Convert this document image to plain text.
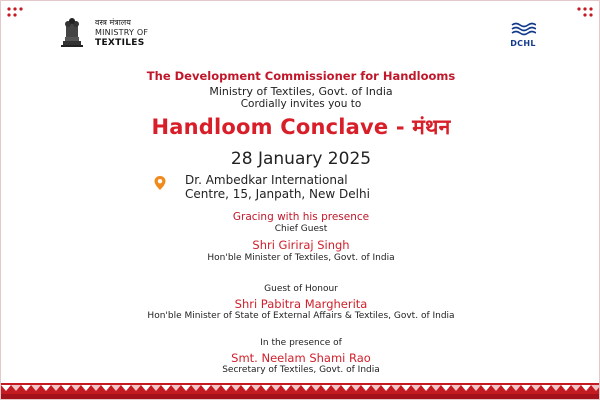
वस्त्र मंत्रालय
MINISTRY OF
TEXTILES	DCHL
The Development Commissioner for Handlooms
Ministry of Textiles, Govt. of India
Cordially invites you to
Handloom Conclave - मंथन
28 January 2025
Dr. Ambedkar International
Centre, 15, Janpath, New Delhi
Gracing with his presence
Chief Guest
Shri Giriraj Singh
Hon'ble Minister of Textiles, Govt. of India
Guest of Honour
Shri Pabitra Margherita
Hon'ble Minister of State of External Affairs & Textiles, Govt. of India
In the presence of
Smt. Neelam Shami Rao
Secretary of Textiles, Govt. of India
